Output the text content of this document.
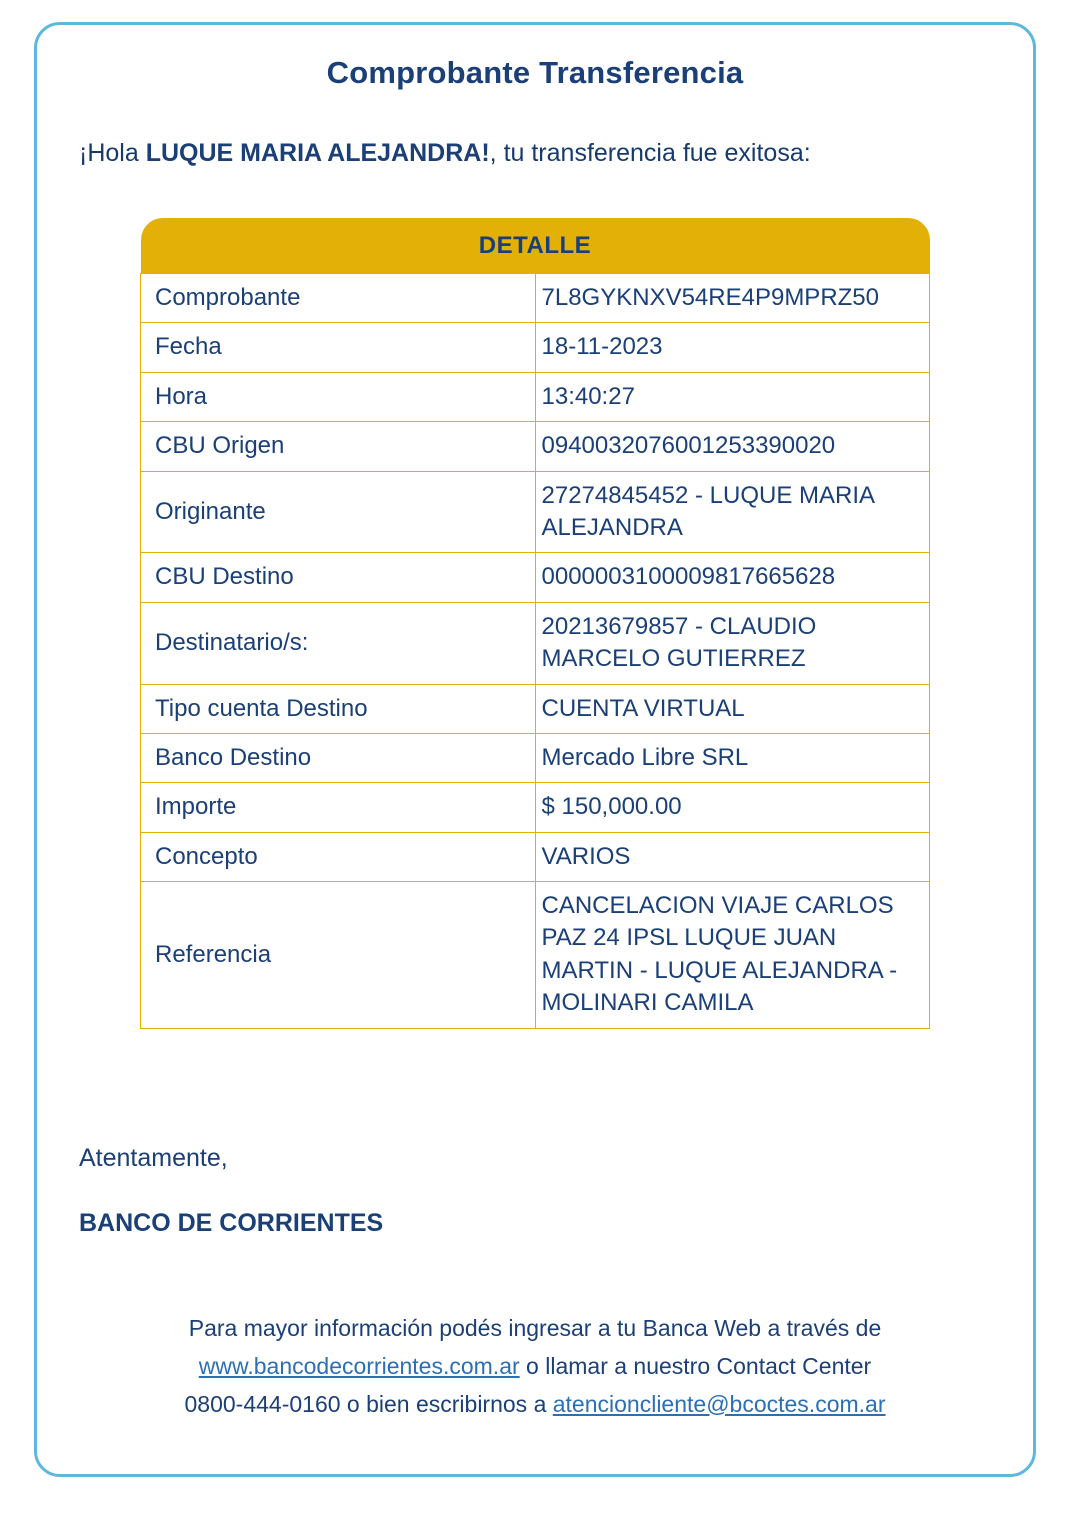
Comprobante Transferencia
¡Hola LUQUE MARIA ALEJANDRA!, tu transferencia fue exitosa:
DETALLE	
Comprobante	7L8GYKNXV54RE4P9MPRZ50
Fecha	18-11-2023
Hora	13:40:27
CBU Origen	0940032076001253390020
Originante	27274845452 - LUQUE MARIA ALEJANDRA
CBU Destino	0000003100009817665628
Destinatario/s:	20213679857 - CLAUDIO MARCELO GUTIERREZ
Tipo cuenta Destino	CUENTA VIRTUAL
Banco Destino	Mercado Libre SRL
Importe	$ 150,000.00
Concepto	VARIOS
Referencia	CANCELACION VIAJE CARLOS PAZ 24 IPSL LUQUE JUAN MARTIN - LUQUE ALEJANDRA - MOLINARI CAMILA
Atentamente,
BANCO DE CORRIENTES
Para mayor información podés ingresar a tu Banca Web a través de
www.bancodecorrientes.com.ar o llamar a nuestro Contact Center
0800-444-0160 o bien escribirnos a atencioncliente@bcoctes.com.ar
